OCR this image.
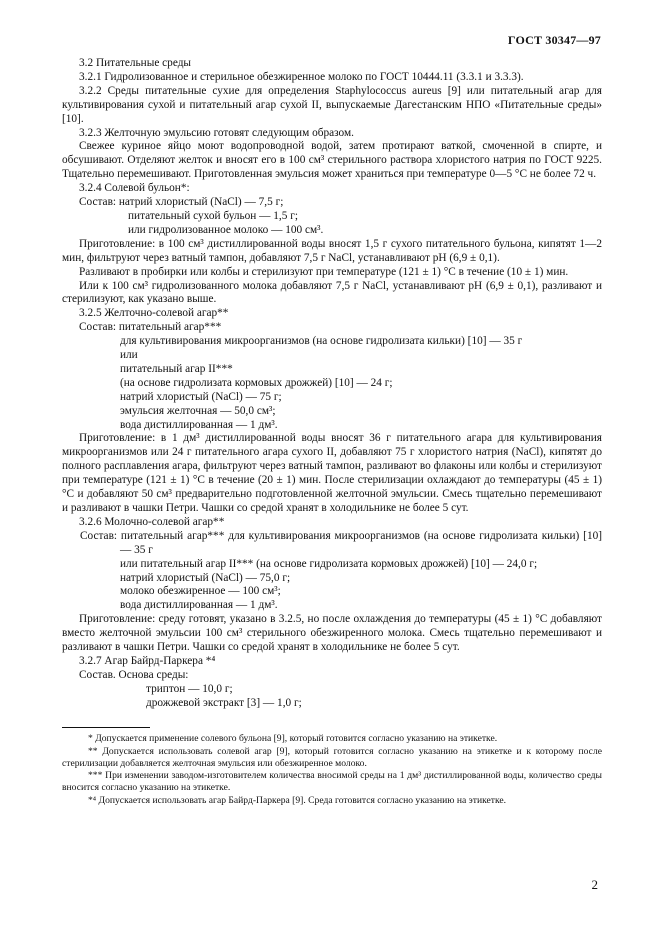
ГОСТ 30347—97

3.2 Питательные среды

3.2.1 Гидролизованное и стерильное обезжиренное молоко по ГОСТ 10444.11 (3.3.1 и 3.3.3).

3.2.2 Среды питательные сухие для определения Staphylococcus aureus [9] или питательный агар для культивирования сухой и питательный агар сухой II, выпускаемые Дагестанским НПО «Питательные среды» [10].

3.2.3 Желточную эмульсию готовят следующим образом.

Свежее куриное яйцо моют водопроводной водой, затем протирают ваткой, смоченной в спирте, и обсушивают. Отделяют желток и вносят его в 100 см³ стерильного раствора хлористого натрия по ГОСТ 9225. Тщательно перемешивают. Приготовленная эмульсия может храниться при температуре 0—5 °С не более 72 ч.

3.2.4 Солевой бульон*:

Состав: натрий хлористый (NaCl) — 7,5 г;

питательный сухой бульон — 1,5 г;

или гидролизованное молоко — 100 см³.

Приготовление: в 100 см³ дистиллированной воды вносят 1,5 г сухого питательного бульона, кипятят 1—2 мин, фильтруют через ватный тампон, добавляют 7,5 г NaCl, устанавливают pH (6,9 ± 0,1).

Разливают в пробирки или колбы и стерилизуют при температуре (121 ± 1) °С в течение (10 ± 1) мин.

Или к 100 см³ гидролизованного молока добавляют 7,5 г NaCl, устанавливают pH (6,9 ± 0,1), разливают и стерилизуют, как указано выше.

3.2.5 Желточно-солевой агар**

Состав: питательный агар***

для культивирования микроорганизмов (на основе гидролизата кильки) [10] — 35 г

или

питательный агар II***

(на основе гидролизата кормовых дрожжей) [10] — 24 г;

натрий хлористый (NaCl) — 75 г;

эмульсия желточная — 50,0 см³;

вода дистиллированная — 1 дм³.

Приготовление: в 1 дм³ дистиллированной воды вносят 36 г питательного агара для культивирования микроорганизмов или 24 г питательного агара сухого II, добавляют 75 г хлористого натрия (NaCl), кипятят до полного расплавления агара, фильтруют через ватный тампон, разливают во флаконы или колбы и стерилизуют при температуре (121 ± 1) °С в течение (20 ± 1) мин. После стерилизации охлаждают до температуры (45 ± 1) °С и добавляют 50 см³ предварительно подготовленной желточной эмульсии. Смесь тщательно перемешивают и разливают в чашки Петри. Чашки со средой хранят в холодильнике не более 5 сут.

3.2.6 Молочно-солевой агар**

Состав: питательный агар*** для культивирования микроорганизмов (на основе гидролизата кильки) [10] — 35 г

или питательный агар II*** (на основе гидролизата кормовых дрожжей) [10] — 24,0 г;

натрий хлористый (NaCl) — 75,0 г;

молоко обезжиренное — 100 см³;

вода дистиллированная — 1 дм³.

Приготовление: среду готовят, указано в 3.2.5, но после охлаждения до температуры (45 ± 1) °С добавляют вместо желточной эмульсии 100 см³ стерильного обезжиренного молока. Смесь тщательно перемешивают и разливают в чашки Петри. Чашки со средой хранят в холодильнике не более 5 сут.

3.2.7 Агар Байрд-Паркера *⁴

Состав. Основа среды:

триптон — 10,0 г;

дрожжевой экстракт [3] — 1,0 г;

* Допускается применение солевого бульона [9], который готовится согласно указанию на этикетке.

** Допускается использовать солевой агар [9], который готовится согласно указанию на этикетке и к которому после стерилизации добавляется желточная эмульсия или обезжиренное молоко.

*** При изменении заводом-изготовителем количества вносимой среды на 1 дм³ дистиллированной воды, количество среды вносится согласно указанию на этикетке.

*⁴ Допускается использовать агар Байрд-Паркера [9]. Среда готовится согласно указанию на этикетке.

2
